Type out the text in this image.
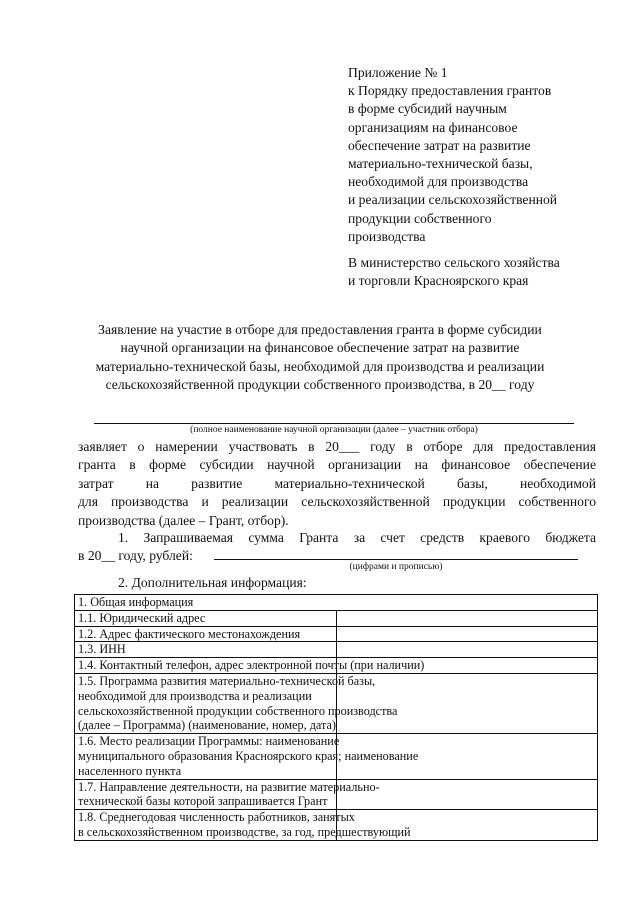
Приложение № 1
к Порядку предоставления грантов
в форме субсидий научным
организациям на финансовое
обеспечение затрат на развитие
материально-технической базы,
необходимой для производства
и реализации сельскохозяйственной
продукции собственного
производства
В министерство сельского хозяйства
и торговли Красноярского края
Заявление на участие в отборе для предоставления гранта в форме субсидии
научной организации на финансовое обеспечение затрат на развитие
материально-технической базы, необходимой для производства и реализации
сельскохозяйственной продукции собственного производства, в 20__ году
(полное наименование научной организации (далее – участник отбора)
заявляет о намерении участвовать в 20___ году в отборе для предоставления
гранта в форме субсидии научной организации на финансовое обеспечение
затрат на развитие материально-технической базы, необходимой
для производства и реализации сельскохозяйственной продукции собственного
производства (далее – Грант, отбор).
1. Запрашиваемая сумма Гранта за счет средств краевого бюджета
в 20__ году, рублей:
(цифрами и прописью)
2. Дополнительная информация:
1. Общая информация	

1.1. Юридический адрес	

1.2. Адрес фактического местонахождения	

1.3. ИНН	

1.4. Контактный телефон, адрес электронной почты (при наличии)	

1.5. Программа развития материально-технической базы,
необходимой для производства и реализации
сельскохозяйственной продукции собственного производства
(далее – Программа) (наименование, номер, дата)	

1.6. Место реализации Программы: наименование
муниципального образования Красноярского края; наименование
населенного пункта	

1.7. Направление деятельности, на развитие материально-
технической базы которой запрашивается Грант	

1.8. Среднегодовая численность работников, занятых
в сельскохозяйственном производстве, за год, предшествующий	
